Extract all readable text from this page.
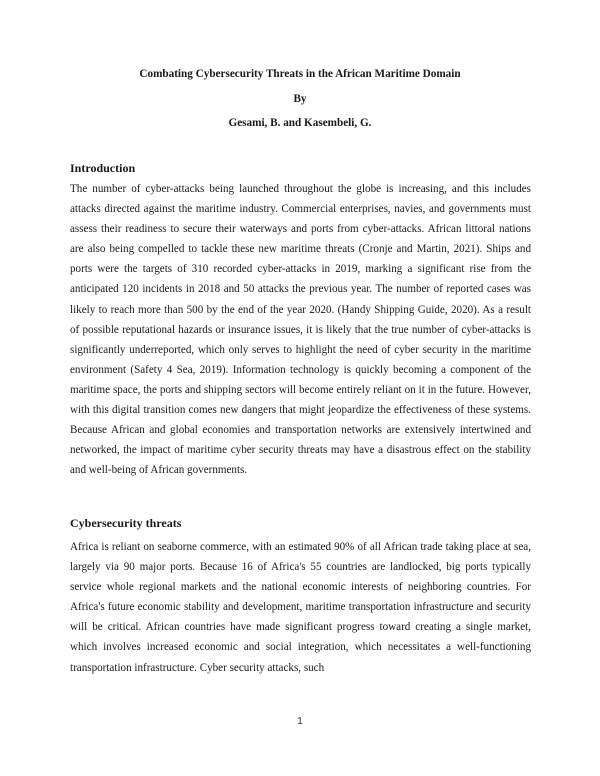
Combating Cybersecurity Threats in the African Maritime Domain
By
Gesami, B. and Kasembeli, G.
Introduction

The number of cyber-attacks being launched throughout the globe is increasing, and this includes attacks directed against the maritime industry. Commercial enterprises, navies, and governments must assess their readiness to secure their waterways and ports from cyber-attacks. African littoral nations are also being compelled to tackle these new maritime threats (Cronje and Martin, 2021). Ships and ports were the targets of 310 recorded cyber-attacks in 2019, marking a significant rise from the anticipated 120 incidents in 2018 and 50 attacks the previous year. The number of reported cases was likely to reach more than 500 by the end of the year 2020. (Handy Shipping Guide, 2020). As a result of possible reputational hazards or insurance issues, it is likely that the true number of cyber-attacks is significantly underreported, which only serves to highlight the need of cyber security in the maritime environment (Safety 4 Sea, 2019). Information technology is quickly becoming a component of the maritime space, the ports and shipping sectors will become entirely reliant on it in the future. However, with this digital transition comes new dangers that might jeopardize the effectiveness of these systems. Because African and global economies and transportation networks are extensively intertwined and networked, the impact of maritime cyber security threats may have a disastrous effect on the stability and well-being of African governments.

Cybersecurity threats

Africa is reliant on seaborne commerce, with an estimated 90% of all African trade taking place at sea, largely via 90 major ports. Because 16 of Africa's 55 countries are landlocked, big ports typically service whole regional markets and the national economic interests of neighboring countries. For Africa's future economic stability and development, maritime transportation infrastructure and security will be critical. African countries have made significant progress toward creating a single market, which involves increased economic and social integration, which necessitates a well-functioning transportation infrastructure. Cyber security attacks, such

1
